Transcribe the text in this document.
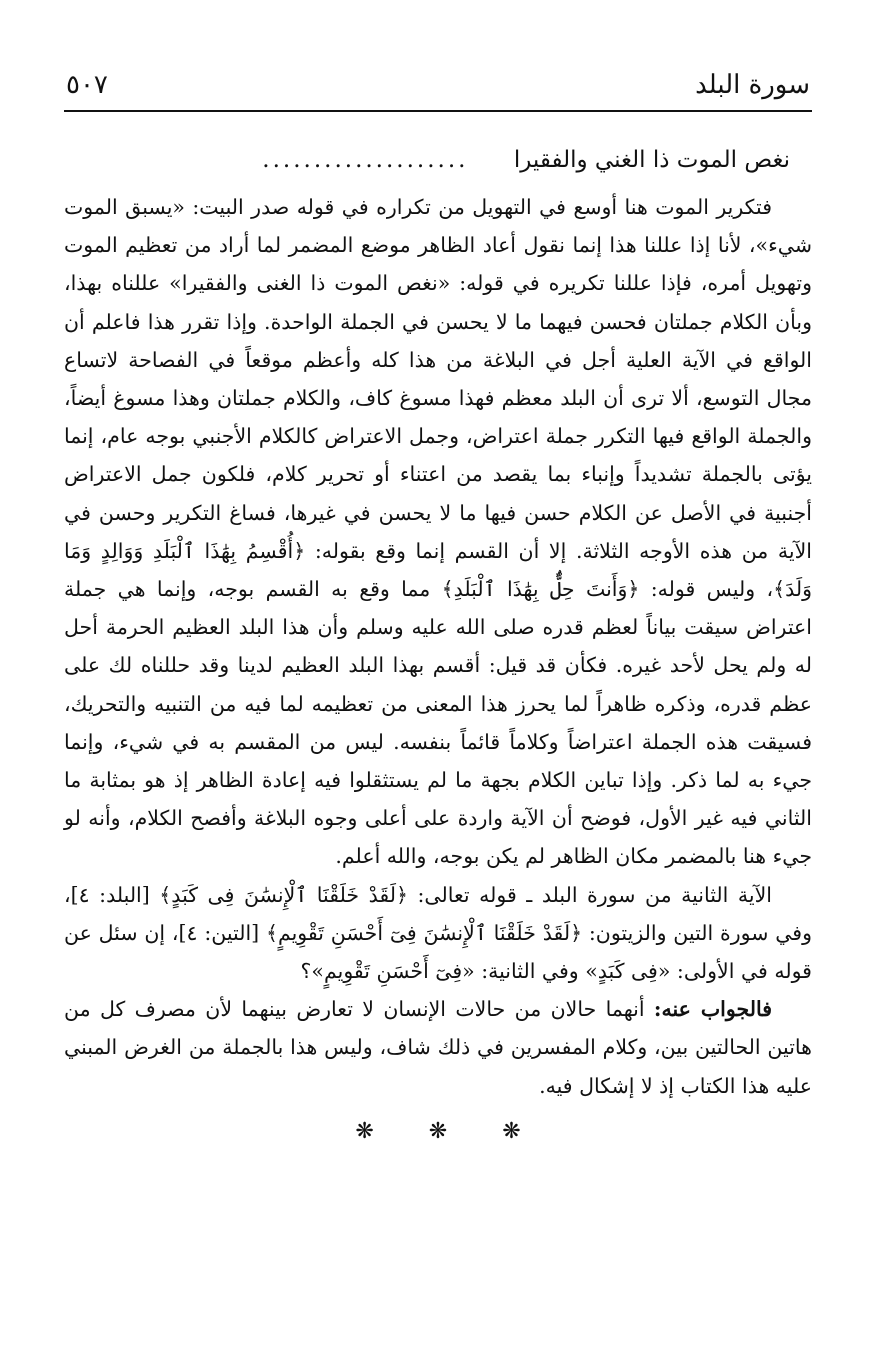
سورة البلد
٥٠٧
نغص الموت ذا الغني والفقيرا ....................

فتكرير الموت هنا أوسع في التهويل من تكراره في قوله صدر البيت: «يسبق الموت شيء»، لأنا إذا عللنا هذا إنما نقول أعاد الظاهر موضع المضمر لما أراد من تعظيم الموت وتهويل أمره، فإذا عللنا تكريره في قوله: «نغص الموت ذا الغنى والفقيرا» عللناه بهذا، وبأن الكلام جملتان فحسن فيهما ما لا يحسن في الجملة الواحدة. وإذا تقرر هذا فاعلم أن الواقع في الآية العلية أجل في البلاغة من هذا كله وأعظم موقعاً في الفصاحة لاتساع مجال التوسع، ألا ترى أن البلد معظم فهذا مسوغ كاف، والكلام جملتان وهذا مسوغ أيضاً، والجملة الواقع فيها التكرر جملة اعتراض، وجمل الاعتراض كالكلام الأجنبي بوجه عام، إنما يؤتى بالجملة تشديداً وإنباء بما يقصد من اعتناء أو تحرير كلام، فلكون جمل الاعتراض أجنبية في الأصل عن الكلام حسن فيها ما لا يحسن في غيرها، فساغ التكرير وحسن في الآية من هذه الأوجه الثلاثة. إلا أن القسم إنما وقع بقوله: ﴿أُقْسِمُ بِهَٰذَا ٱلْبَلَدِ وَوَالِدٍ وَمَا وَلَدَ﴾، وليس قوله: ﴿وَأَنتَ حِلٌّۢ بِهَٰذَا ٱلْبَلَدِ﴾ مما وقع به القسم بوجه، وإنما هي جملة اعتراض سيقت بياناً لعظم قدره صلى الله عليه وسلم وأن هذا البلد العظيم الحرمة أحل له ولم يحل لأحد غيره. فكأن قد قيل: أقسم بهذا البلد العظيم لدينا وقد حللناه لك على عظم قدره، وذكره ظاهراً لما يحرز هذا المعنى من تعظيمه لما فيه من التنبيه والتحريك، فسيقت هذه الجملة اعتراضاً وكلاماً قائماً بنفسه. ليس من المقسم به في شيء، وإنما جيء به لما ذكر. وإذا تباين الكلام بجهة ما لم يستثقلوا فيه إعادة الظاهر إذ هو بمثابة ما الثاني فيه غير الأول، فوضح أن الآية واردة على أعلى وجوه البلاغة وأفصح الكلام، وأنه لو جيء هنا بالمضمر مكان الظاهر لم يكن بوجه، والله أعلم.

الآية الثانية من سورة البلد ـ قوله تعالى: ﴿لَقَدْ خَلَقْنَا ٱلْإِنسَٰنَ فِى كَبَدٍ﴾ [البلد: ٤]، وفي سورة التين والزيتون: ﴿لَقَدْ خَلَقْنَا ٱلْإِنسَٰنَ فِىٓ أَحْسَنِ تَقْوِيمٍ﴾ [التين: ٤]، إن سئل عن قوله في الأولى: «فِى كَبَدٍ» وفي الثانية: «فِىٓ أَحْسَنِ تَقْوِيمٍ»؟

فالجواب عنه: أنهما حالان من حالات الإنسان لا تعارض بينهما لأن مصرف كل من هاتين الحالتين بين، وكلام المفسرين في ذلك شاف، وليس هذا بالجملة من الغرض المبني عليه هذا الكتاب إذ لا إشكال فيه.

❋ ❋ ❋
